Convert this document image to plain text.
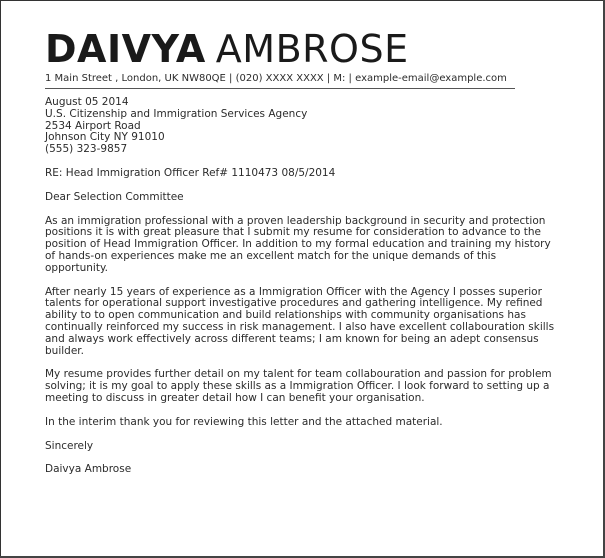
DAIVYA AMBROSE
1 Main Street , London, UK NW80QE | (020) XXXX XXXX | M: | example-email@example.com
August 05 2014
U.S. Citizenship and Immigration Services Agency
2534 Airport Road
Johnson City NY 91010
(555) 323-9857
RE: Head Immigration Officer Ref# 1110473 08/5/2014
Dear Selection Committee

As an immigration professional with a proven leadership background in security and protection positions it is with great pleasure that I submit my resume for consideration to advance to the position of Head Immigration Officer. In addition to my formal education and training my history of hands-on experiences make me an excellent match for the unique demands of this opportunity.

After nearly 15 years of experience as a Immigration Officer with the Agency I posses superior talents for operational support investigative procedures and gathering intelligence. My refined ability to to open communication and build relationships with community organisations has continually reinforced my success in risk management. I also have excellent collabouration skills and always work effectively across different teams; I am known for being an adept consensus builder.

My resume provides further detail on my talent for team collabouration and passion for problem solving; it is my goal to apply these skills as a Immigration Officer. I look forward to setting up a meeting to discuss in greater detail how I can benefit your organisation.

In the interim thank you for reviewing this letter and the attached material.

Sincerely
Daivya Ambrose
